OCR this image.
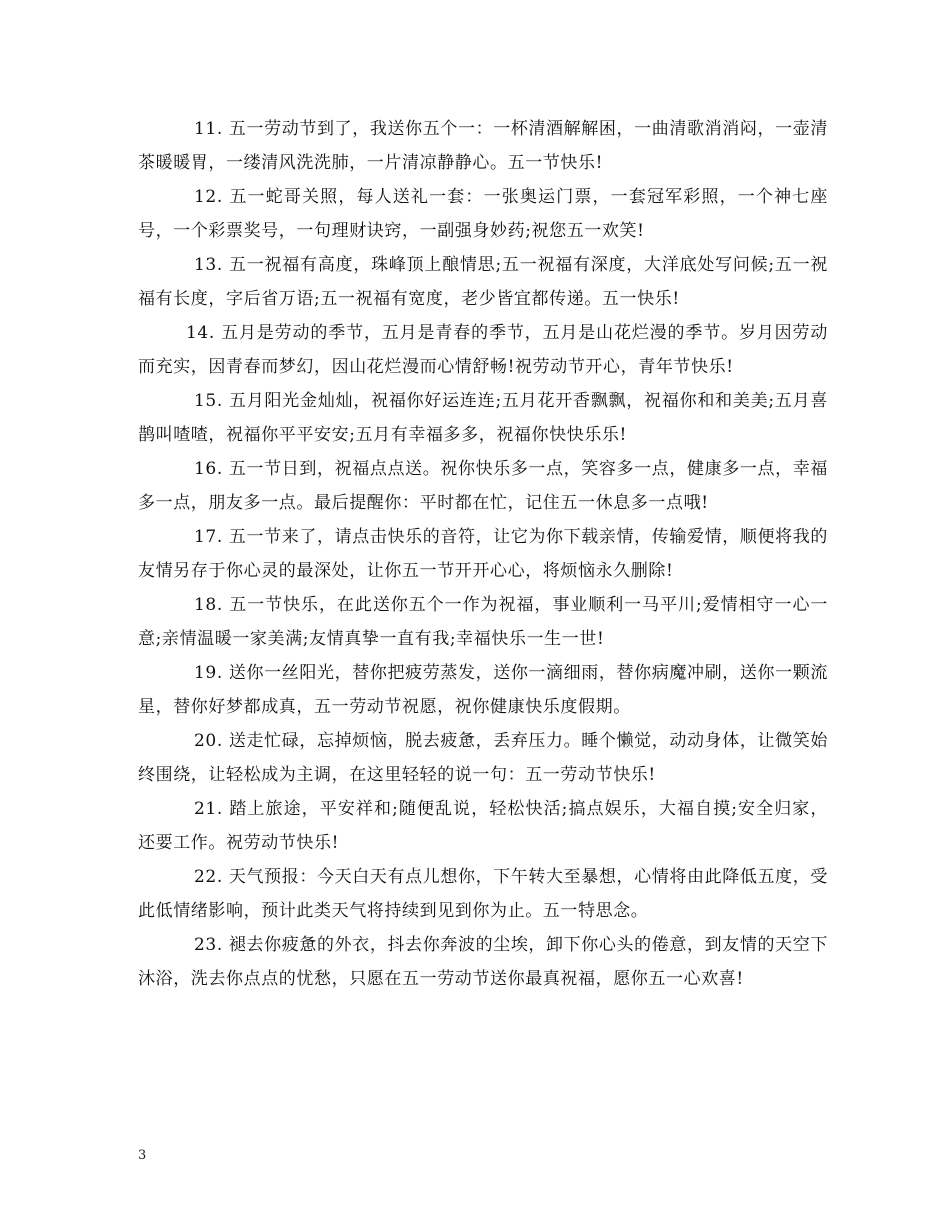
11. 五一劳动节到了，我送你五个一：一杯清酒解解困，一曲清歌消消闷，一壶清茶暖暖胃，一缕清风洗洗肺，一片清凉静静心。五一节快乐!

12. 五一蛇哥关照，每人送礼一套：一张奥运门票，一套冠军彩照，一个神七座号，一个彩票奖号，一句理财诀窍，一副强身妙药;祝您五一欢笑!

13. 五一祝福有高度，珠峰顶上酿情思;五一祝福有深度，大洋底处写问候;五一祝福有长度，字后省万语;五一祝福有宽度，老少皆宜都传递。五一快乐!

14. 五月是劳动的季节，五月是青春的季节，五月是山花烂漫的季节。岁月因劳动而充实，因青春而梦幻，因山花烂漫而心情舒畅!祝劳动节开心，青年节快乐!

15. 五月阳光金灿灿，祝福你好运连连;五月花开香飘飘，祝福你和和美美;五月喜鹊叫喳喳，祝福你平平安安;五月有幸福多多，祝福你快快乐乐!

16. 五一节日到，祝福点点送。祝你快乐多一点，笑容多一点，健康多一点，幸福多一点，朋友多一点。最后提醒你：平时都在忙，记住五一休息多一点哦!

17. 五一节来了，请点击快乐的音符，让它为你下载亲情，传输爱情，顺便将我的友情另存于你心灵的最深处，让你五一节开开心心，将烦恼永久删除!

18. 五一节快乐，在此送你五个一作为祝福，事业顺利一马平川;爱情相守一心一意;亲情温暖一家美满;友情真挚一直有我;幸福快乐一生一世!

19. 送你一丝阳光，替你把疲劳蒸发，送你一滴细雨，替你病魔冲刷，送你一颗流星，替你好梦都成真，五一劳动节祝愿，祝你健康快乐度假期。

20. 送走忙碌，忘掉烦恼，脱去疲惫，丢弃压力。睡个懒觉，动动身体，让微笑始终围绕，让轻松成为主调，在这里轻轻的说一句：五一劳动节快乐!

21. 踏上旅途，平安祥和;随便乱说，轻松快活;搞点娱乐，大福自摸;安全归家，还要工作。祝劳动节快乐!

22. 天气预报：今天白天有点儿想你，下午转大至暴想，心情将由此降低五度，受此低情绪影响，预计此类天气将持续到见到你为止。五一特思念。

23. 褪去你疲惫的外衣，抖去你奔波的尘埃，卸下你心头的倦意，到友情的天空下沐浴，洗去你点点的忧愁，只愿在五一劳动节送你最真祝福，愿你五一心欢喜!

3
